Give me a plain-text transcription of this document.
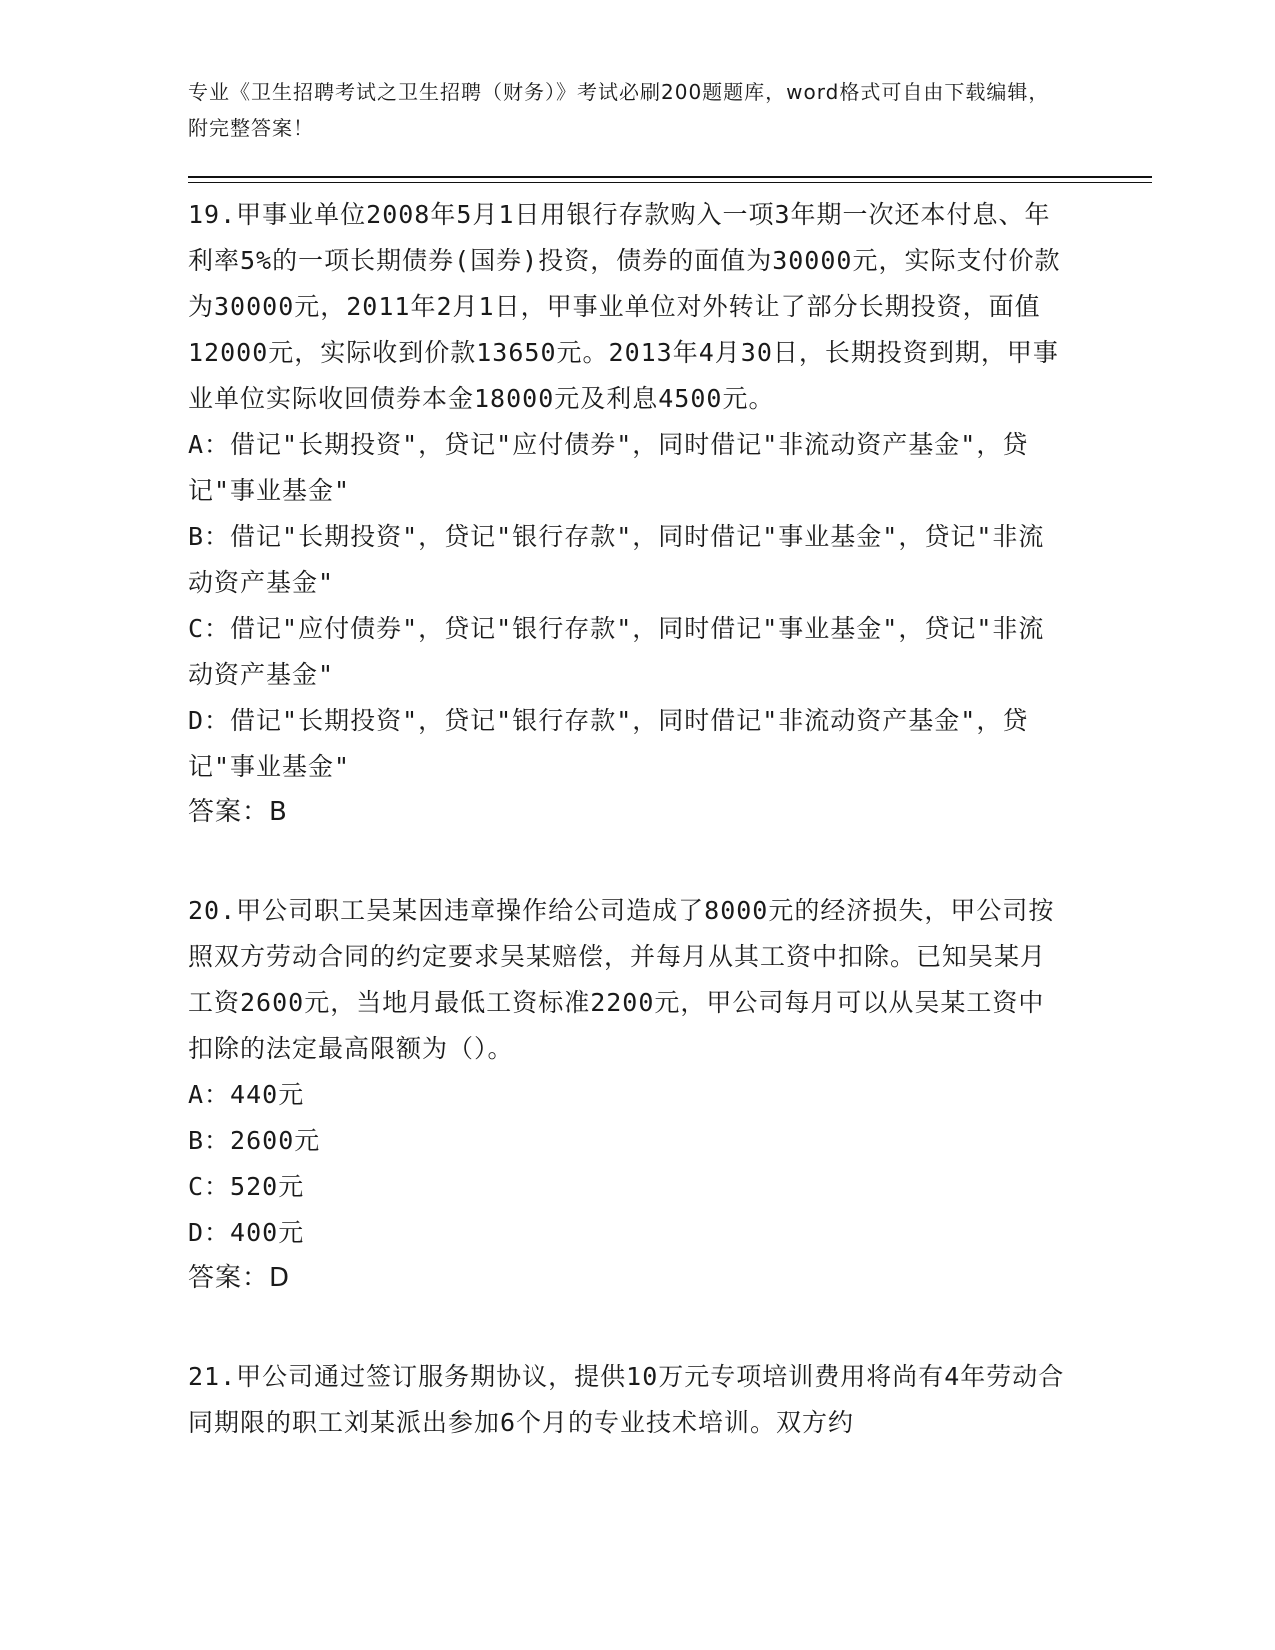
专业《卫生招聘考试之卫生招聘（财务）》考试必刷200题题库，word格式可自由下载编辑，附完整答案！

19.甲事业单位2008年5月1日用银行存款购入一项3年期一次还本付息、年利率5%的一项长期债券(国券)投资，债券的面值为30000元，实际支付价款为30000元，2011年2月1日，甲事业单位对外转让了部分长期投资，面值12000元，实际收到价款13650元。2013年4月30日，长期投资到期，甲事业单位实际收回债券本金18000元及利息4500元。

A：借记"长期投资"，贷记"应付债券"，同时借记"非流动资产基金"，贷记"事业基金"

B：借记"长期投资"，贷记"银行存款"，同时借记"事业基金"，贷记"非流动资产基金"

C：借记"应付债券"，贷记"银行存款"，同时借记"事业基金"，贷记"非流动资产基金"

D：借记"长期投资"，贷记"银行存款"，同时借记"非流动资产基金"，贷记"事业基金"

答案：B

20.甲公司职工吴某因违章操作给公司造成了8000元的经济损失，甲公司按照双方劳动合同的约定要求吴某赔偿，并每月从其工资中扣除。已知吴某月工资2600元，当地月最低工资标准2200元，甲公司每月可以从吴某工资中扣除的法定最高限额为（）。

A：440元

B：2600元

C：520元

D：400元

答案：D

21.甲公司通过签订服务期协议，提供10万元专项培训费用将尚有4年劳动合同期限的职工刘某派出参加6个月的专业技术培训。双方约
